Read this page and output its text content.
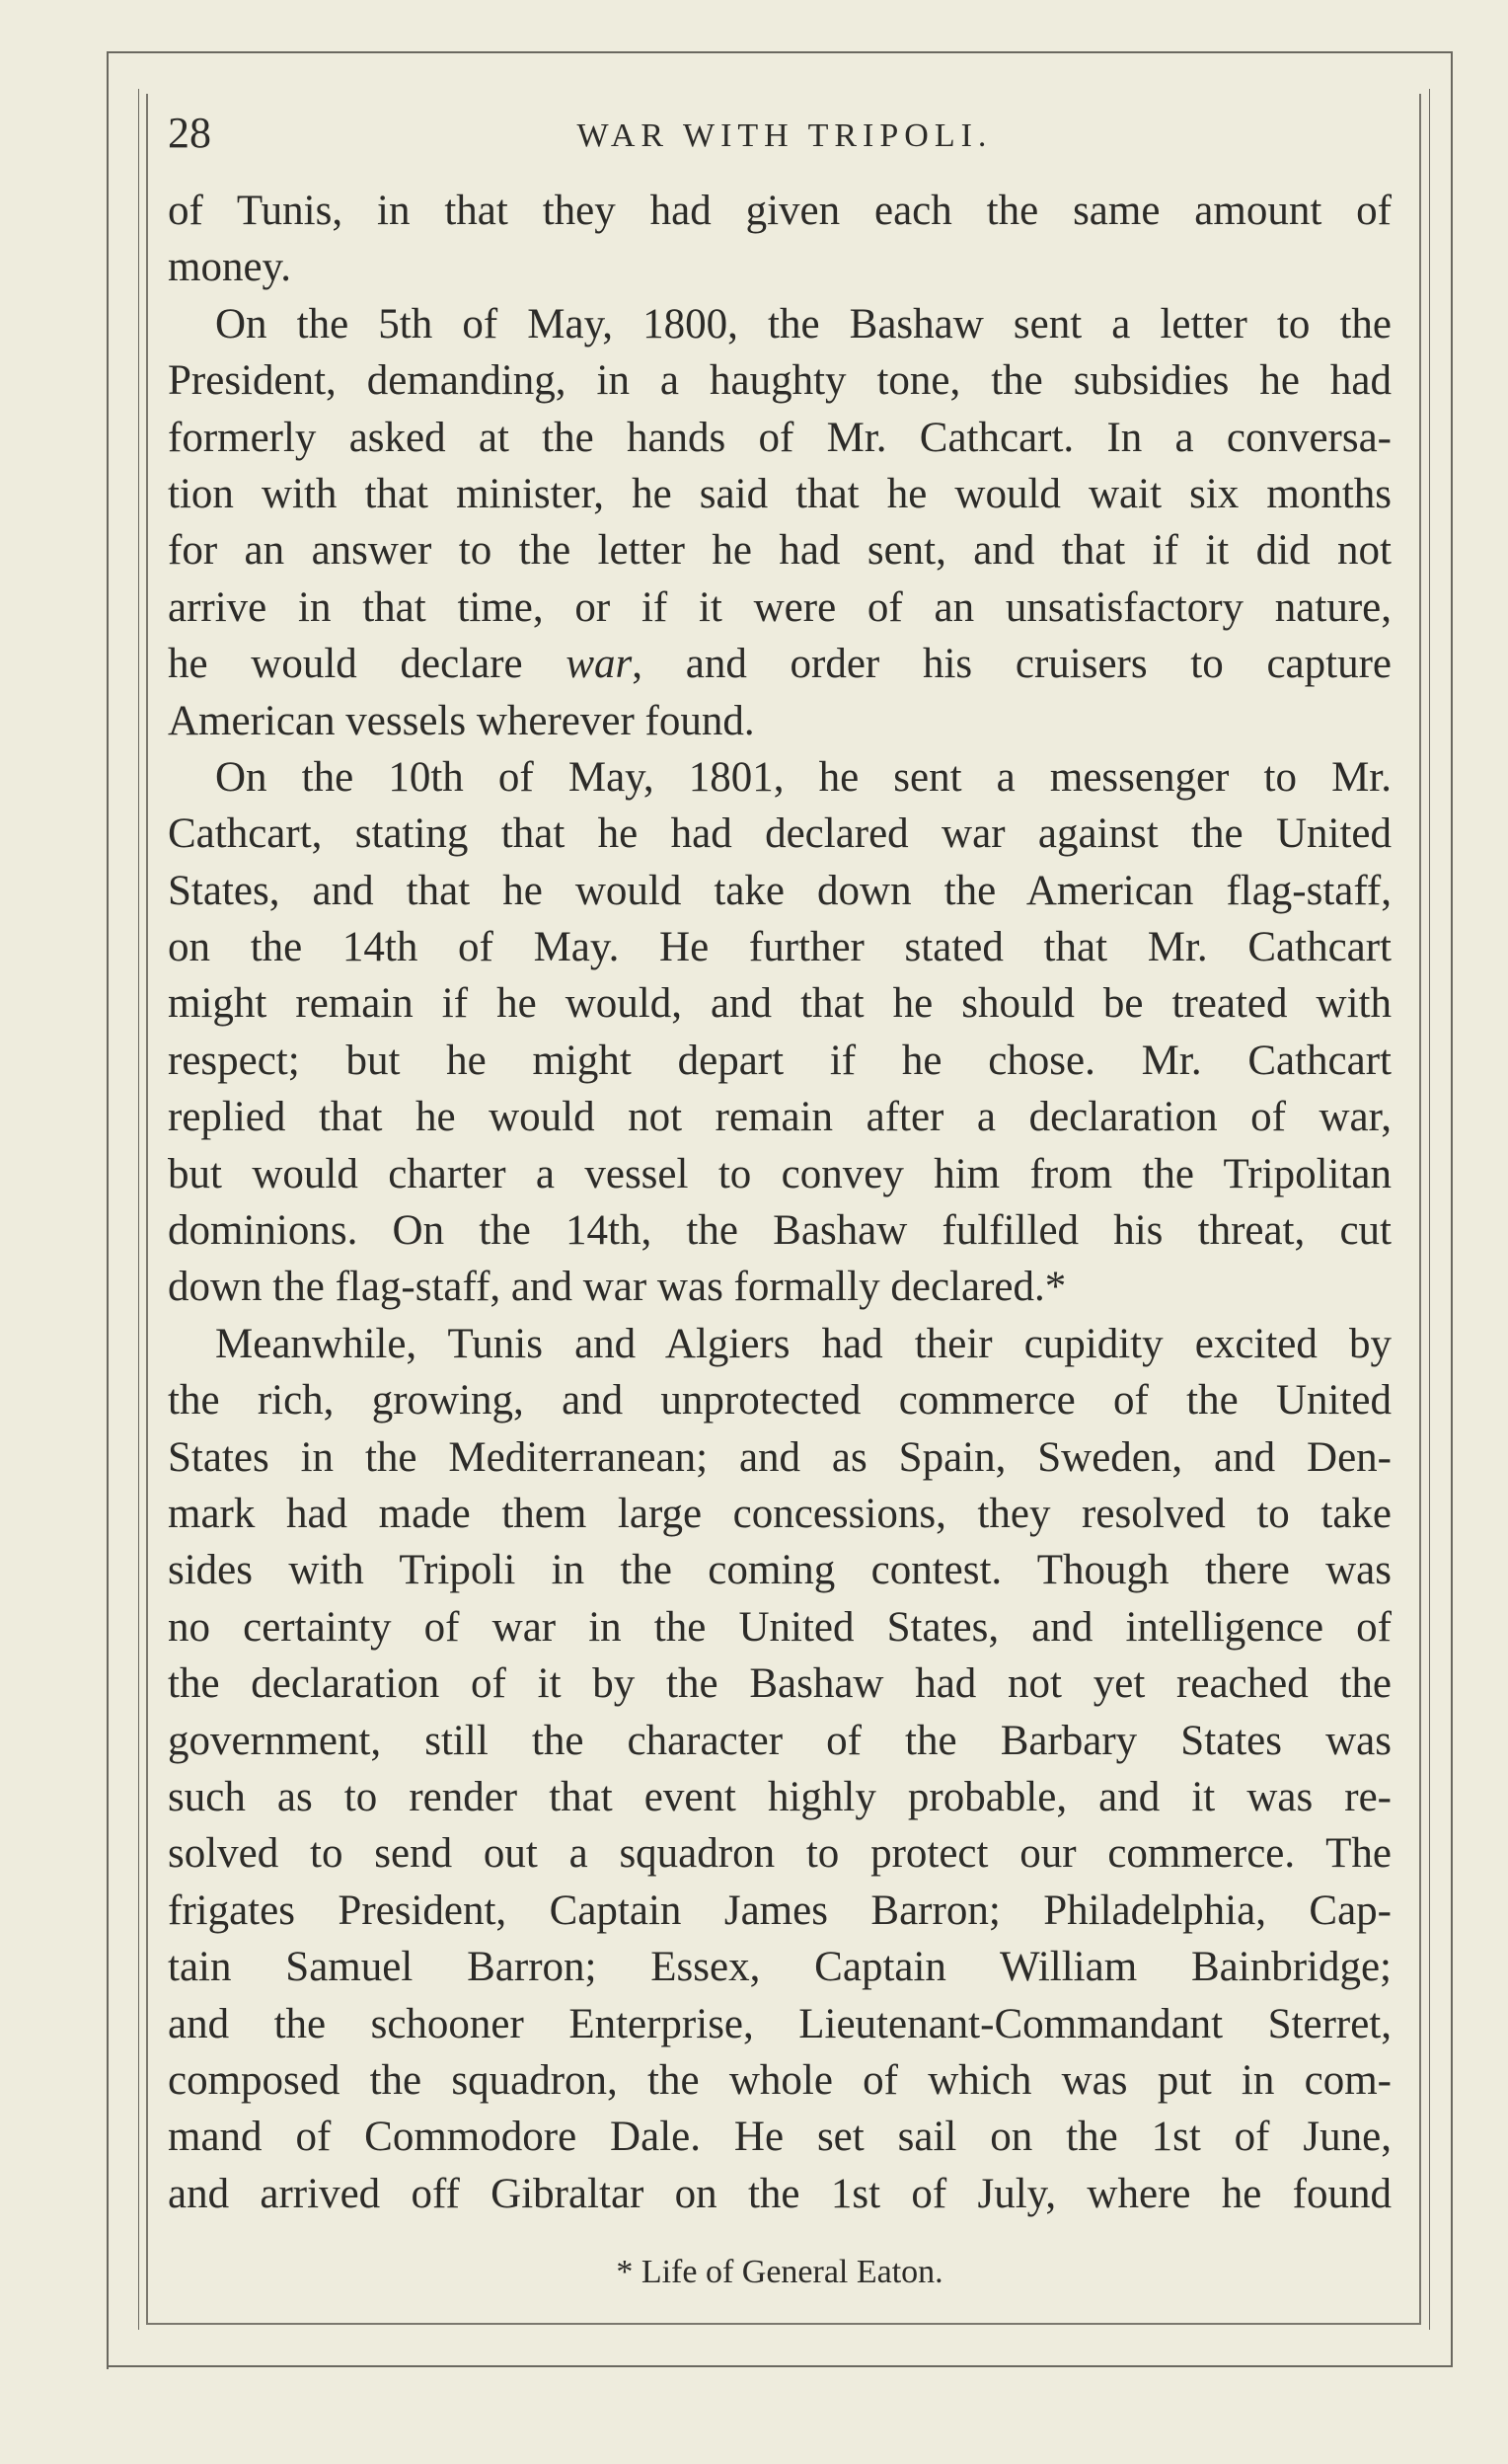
28	WAR WITH TRIPOLI.
of Tunis, in that they had given each the same amount of
money.
On the 5th of May, 1800, the Bashaw sent a letter to the
President, demanding, in a haughty tone, the subsidies he had
formerly asked at the hands of Mr. Cathcart. In a conversa-
tion with that minister, he said that he would wait six months
for an answer to the letter he had sent, and that if it did not
arrive in that time, or if it were of an unsatisfactory nature,
he would declare war, and order his cruisers to capture
American vessels wherever found.
On the 10th of May, 1801, he sent a messenger to Mr.
Cathcart, stating that he had declared war against the United
States, and that he would take down the American flag-staff,
on the 14th of May. He further stated that Mr. Cathcart
might remain if he would, and that he should be treated with
respect; but he might depart if he chose. Mr. Cathcart
replied that he would not remain after a declaration of war,
but would charter a vessel to convey him from the Tripolitan
dominions. On the 14th, the Bashaw fulfilled his threat, cut
down the flag-staff, and war was formally declared.*
Meanwhile, Tunis and Algiers had their cupidity excited by
the rich, growing, and unprotected commerce of the United
States in the Mediterranean; and as Spain, Sweden, and Den-
mark had made them large concessions, they resolved to take
sides with Tripoli in the coming contest. Though there was
no certainty of war in the United States, and intelligence of
the declaration of it by the Bashaw had not yet reached the
government, still the character of the Barbary States was
such as to render that event highly probable, and it was re-
solved to send out a squadron to protect our commerce. The
frigates President, Captain James Barron; Philadelphia, Cap-
tain Samuel Barron; Essex, Captain William Bainbridge;
and the schooner Enterprise, Lieutenant-Commandant Sterret,
composed the squadron, the whole of which was put in com-
mand of Commodore Dale. He set sail on the 1st of June,
and arrived off Gibraltar on the 1st of July, where he found
* Life of General Eaton.
